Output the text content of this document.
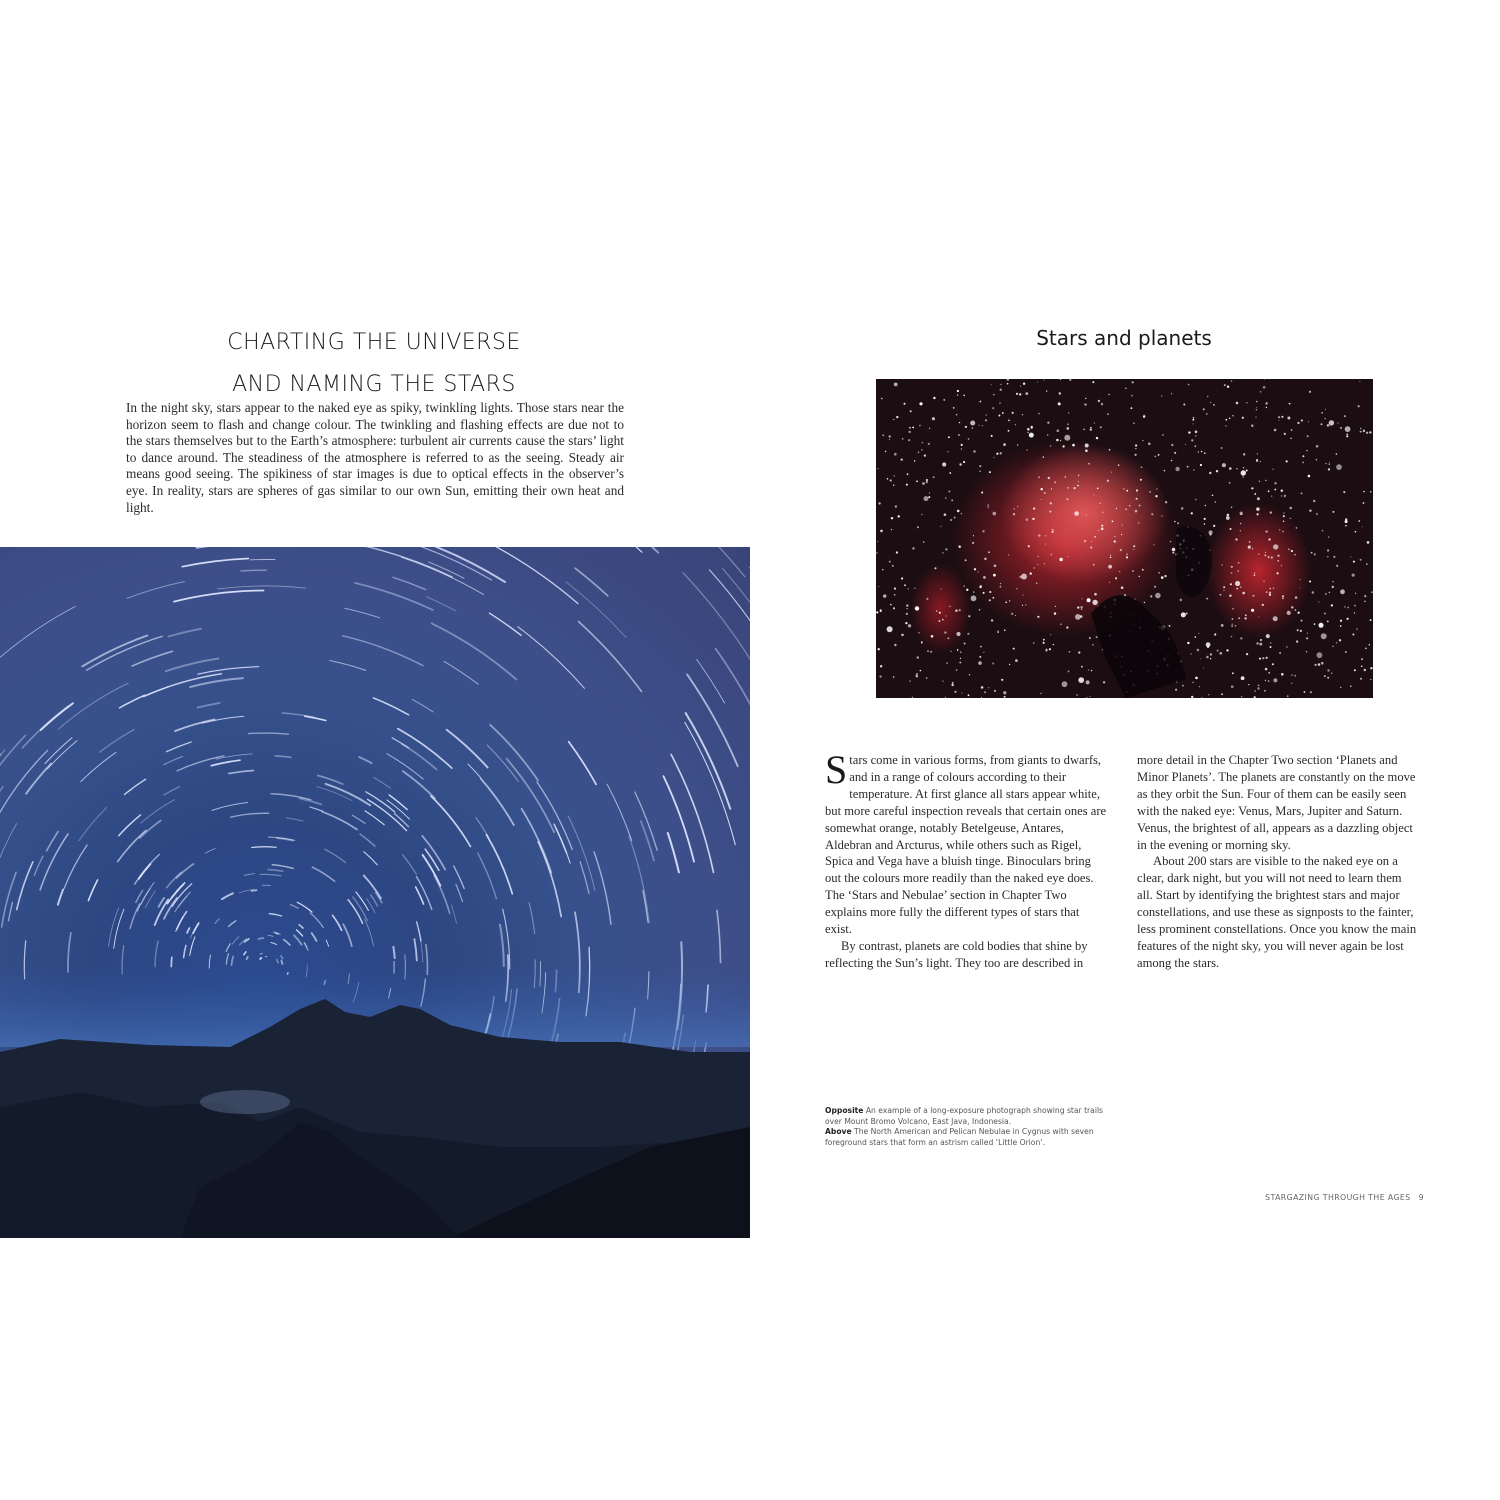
CHARTING THE UNIVERSE
AND NAMING THE STARS
In the night sky, stars appear to the naked eye as spiky, twinkling lights. Those stars near the horizon seem to flash and change colour. The twinkling and flashing effects are due not to the stars themselves but to the Earth’s atmosphere: turbulent air currents cause the stars’ light to dance around. The steadiness of the atmosphere is referred to as the seeing. Steady air means good seeing. The spikiness of star images is due to optical effects in the observer’s eye. In reality, stars are spheres of gas similar to our own Sun, emitting their own heat and light.
Stars and planets

Stars come in various forms, from giants to dwarfs, and in a range of colours according to their temperature. At first glance all stars appear white, but more careful inspection reveals that certain ones are somewhat orange, notably Betelgeuse, Antares, Aldebran and Arcturus, while others such as Rigel, Spica and Vega have a bluish tinge. Binoculars bring out the colours more readily than the naked eye does. The ‘Stars and Nebulae’ section in Chapter Two explains more fully the different types of stars that exist.

By contrast, planets are cold bodies that shine by reflecting the Sun’s light. They too are described in

more detail in the Chapter Two section ‘Planets and Minor Planets’. The planets are constantly on the move as they orbit the Sun. Four of them can be easily seen with the naked eye: Venus, Mars, Jupiter and Saturn. Venus, the brightest of all, appears as a dazzling object in the evening or morning sky.

About 200 stars are visible to the naked eye on a clear, dark night, but you will not need to learn them all. Start by identifying the brightest stars and major constellations, and use these as signposts to the fainter, less prominent constellations. Once you know the main features of the night sky, you will never again be lost among the stars.

Opposite An example of a long-exposure photograph showing star trails over Mount Bromo Volcano, East Java, Indonesia.
Above The North American and Pelican Nebulae in Cygnus with seven foreground stars that form an astrism called ‘Little Orion’.
STARGAZING THROUGH THE AGES 9
